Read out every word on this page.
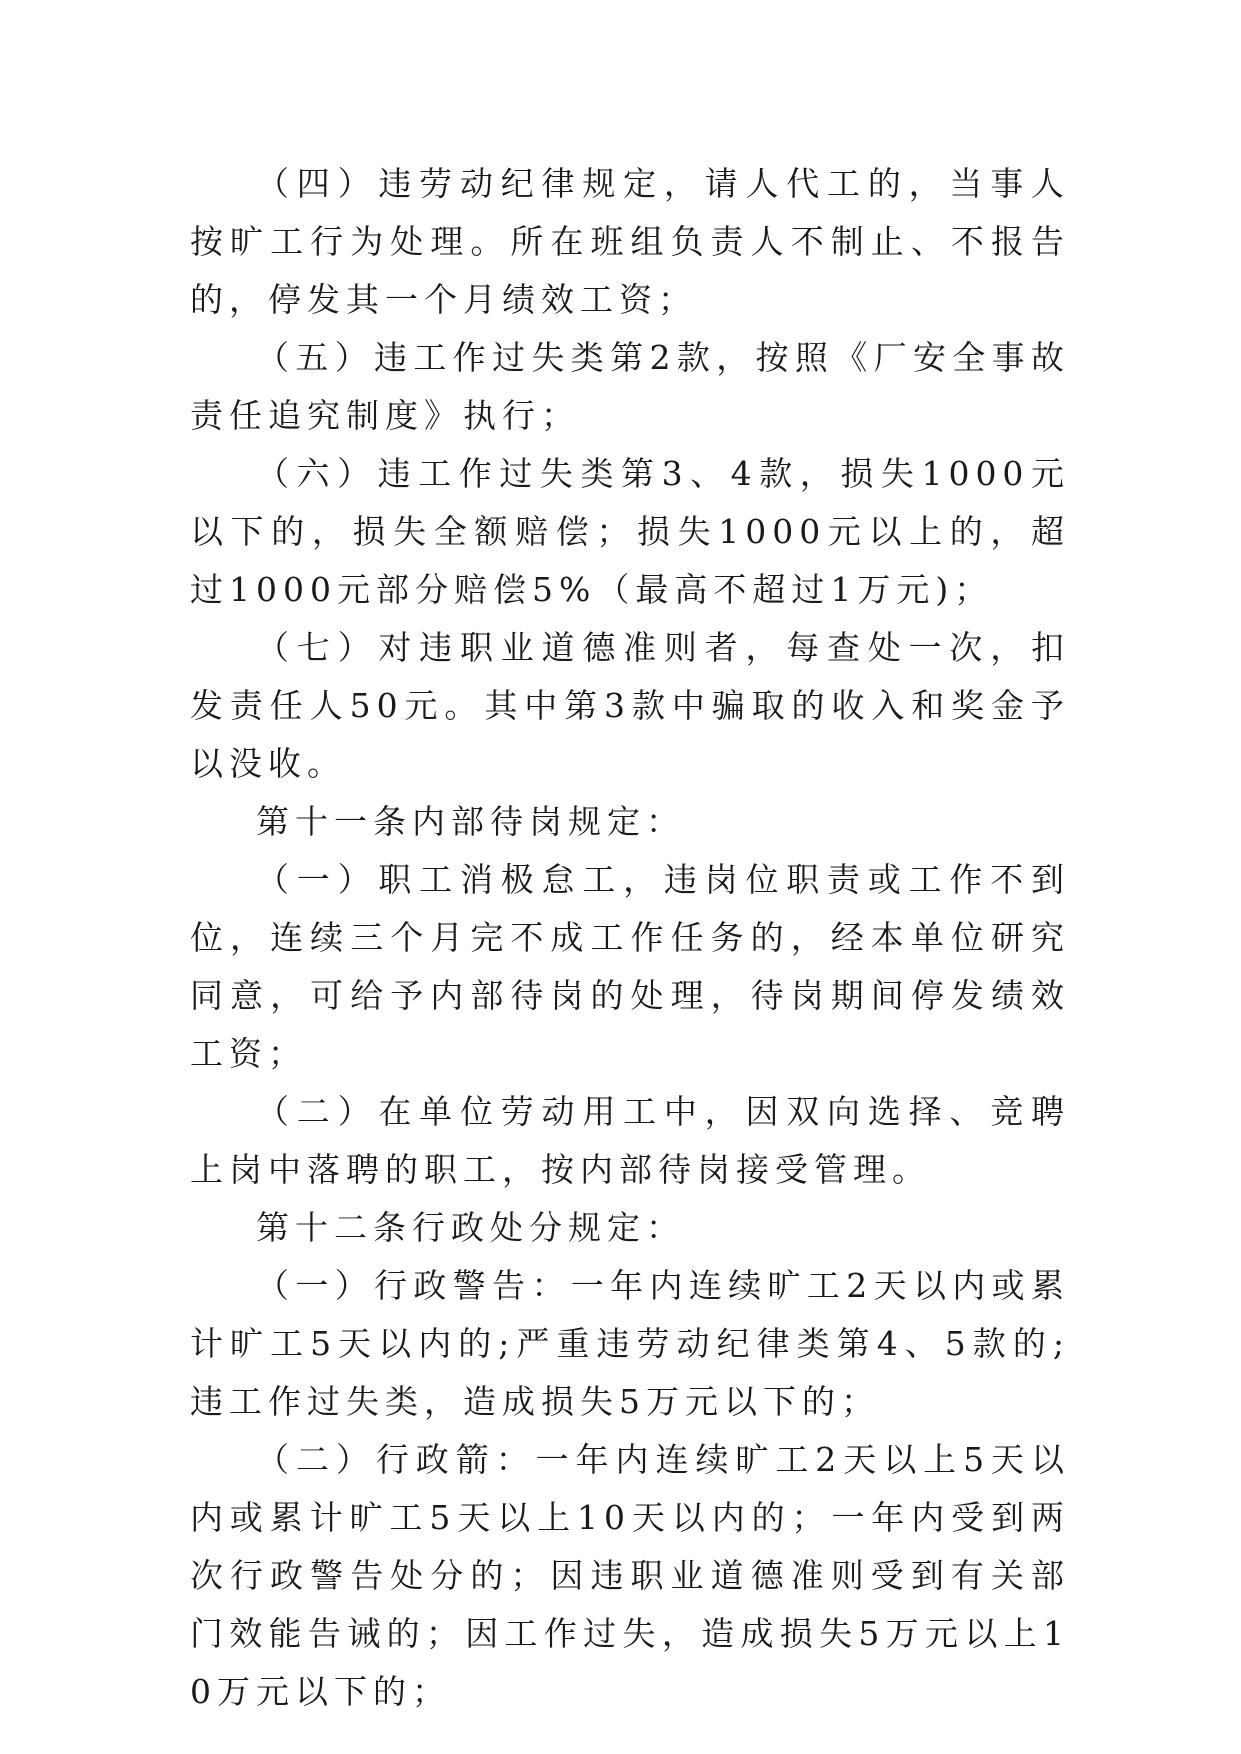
（四）违劳动纪律规定，请人代工的，当事人按旷工行为处理。所在班组负责人不制止、不报告的，停发其一个月绩效工资；

（五）违工作过失类第2款，按照《厂安全事故责任追究制度》执行；

（六）违工作过失类第3、4款，损失1000元以下的，损失全额赔偿；损失1000元以上的，超过1000元部分赔偿5%（最高不超过1万元)；

（七）对违职业道德准则者，每查处一次，扣发责任人50元。其中第3款中骗取的收入和奖金予以没收。

第十一条内部待岗规定：

（一）职工消极怠工，违岗位职责或工作不到位，连续三个月完不成工作任务的，经本单位研究同意，可给予内部待岗的处理，待岗期间停发绩效工资；

（二）在单位劳动用工中，因双向选择、竞聘上岗中落聘的职工，按内部待岗接受管理。

第十二条行政处分规定：

（一）行政警告：一年内连续旷工2天以内或累计旷工5天以内的;严重违劳动纪律类第4、5款的;违工作过失类，造成损失5万元以下的；

（二）行政箭：一年内连续旷工2天以上5天以内或累计旷工5天以上10天以内的；一年内受到两次行政警告处分的；因违职业道德准则受到有关部门效能告诫的；因工作过失，造成损失5万元以上10万元以下的；
